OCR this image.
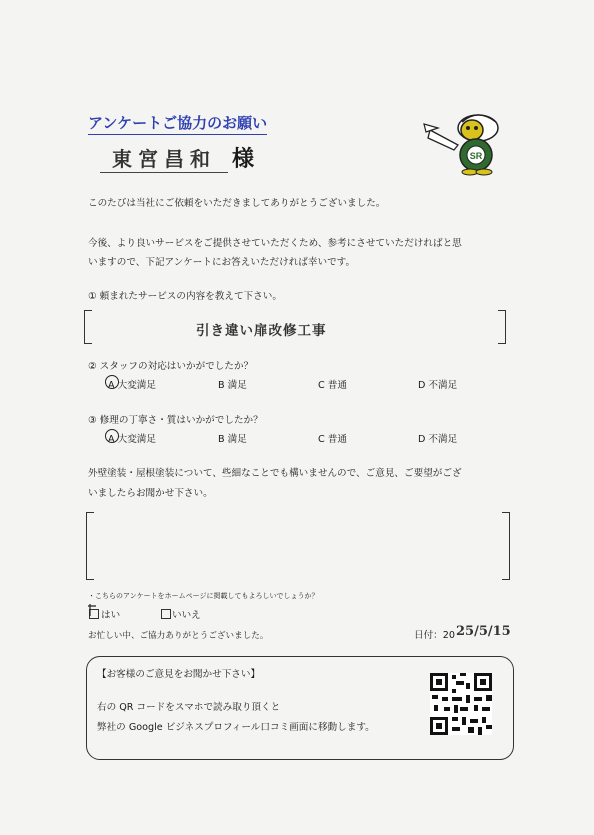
アンケートご協力のお願い
SR
東宮昌和 様
このたびは当社にご依頼をいただきましてありがとうございました。
今後、より良いサービスをご提供させていただくため、参考にさせていただければと思
いますので、下記アンケートにお答えいただければ幸いです。
① 頼まれたサービスの内容を教えて下さい。
引き違い扉改修工事
② スタッフの対応はいかがでしたか？
A 大変満足	B 満足	C 普通	D 不満足
③ 修理の丁寧さ・質はいかがでしたか？
A 大変満足	B 満足	C 普通	D 不満足
外壁塗装・屋根塗装について、些細なことでも構いませんので、ご意見、ご要望がござ
いましたらお聞かせ下さい。
・こちらのアンケートをホームページに掲載してもよろしいでしょうか？
はい	いいえ
お忙しい中、ご協力ありがとうございました。	日付：20 25/5/15
【お客様のご意見をお聞かせ下さい】
右の QR コードをスマホで読み取り頂くと
弊社の Google ビジネスプロフィール口コミ画面に移動します。
